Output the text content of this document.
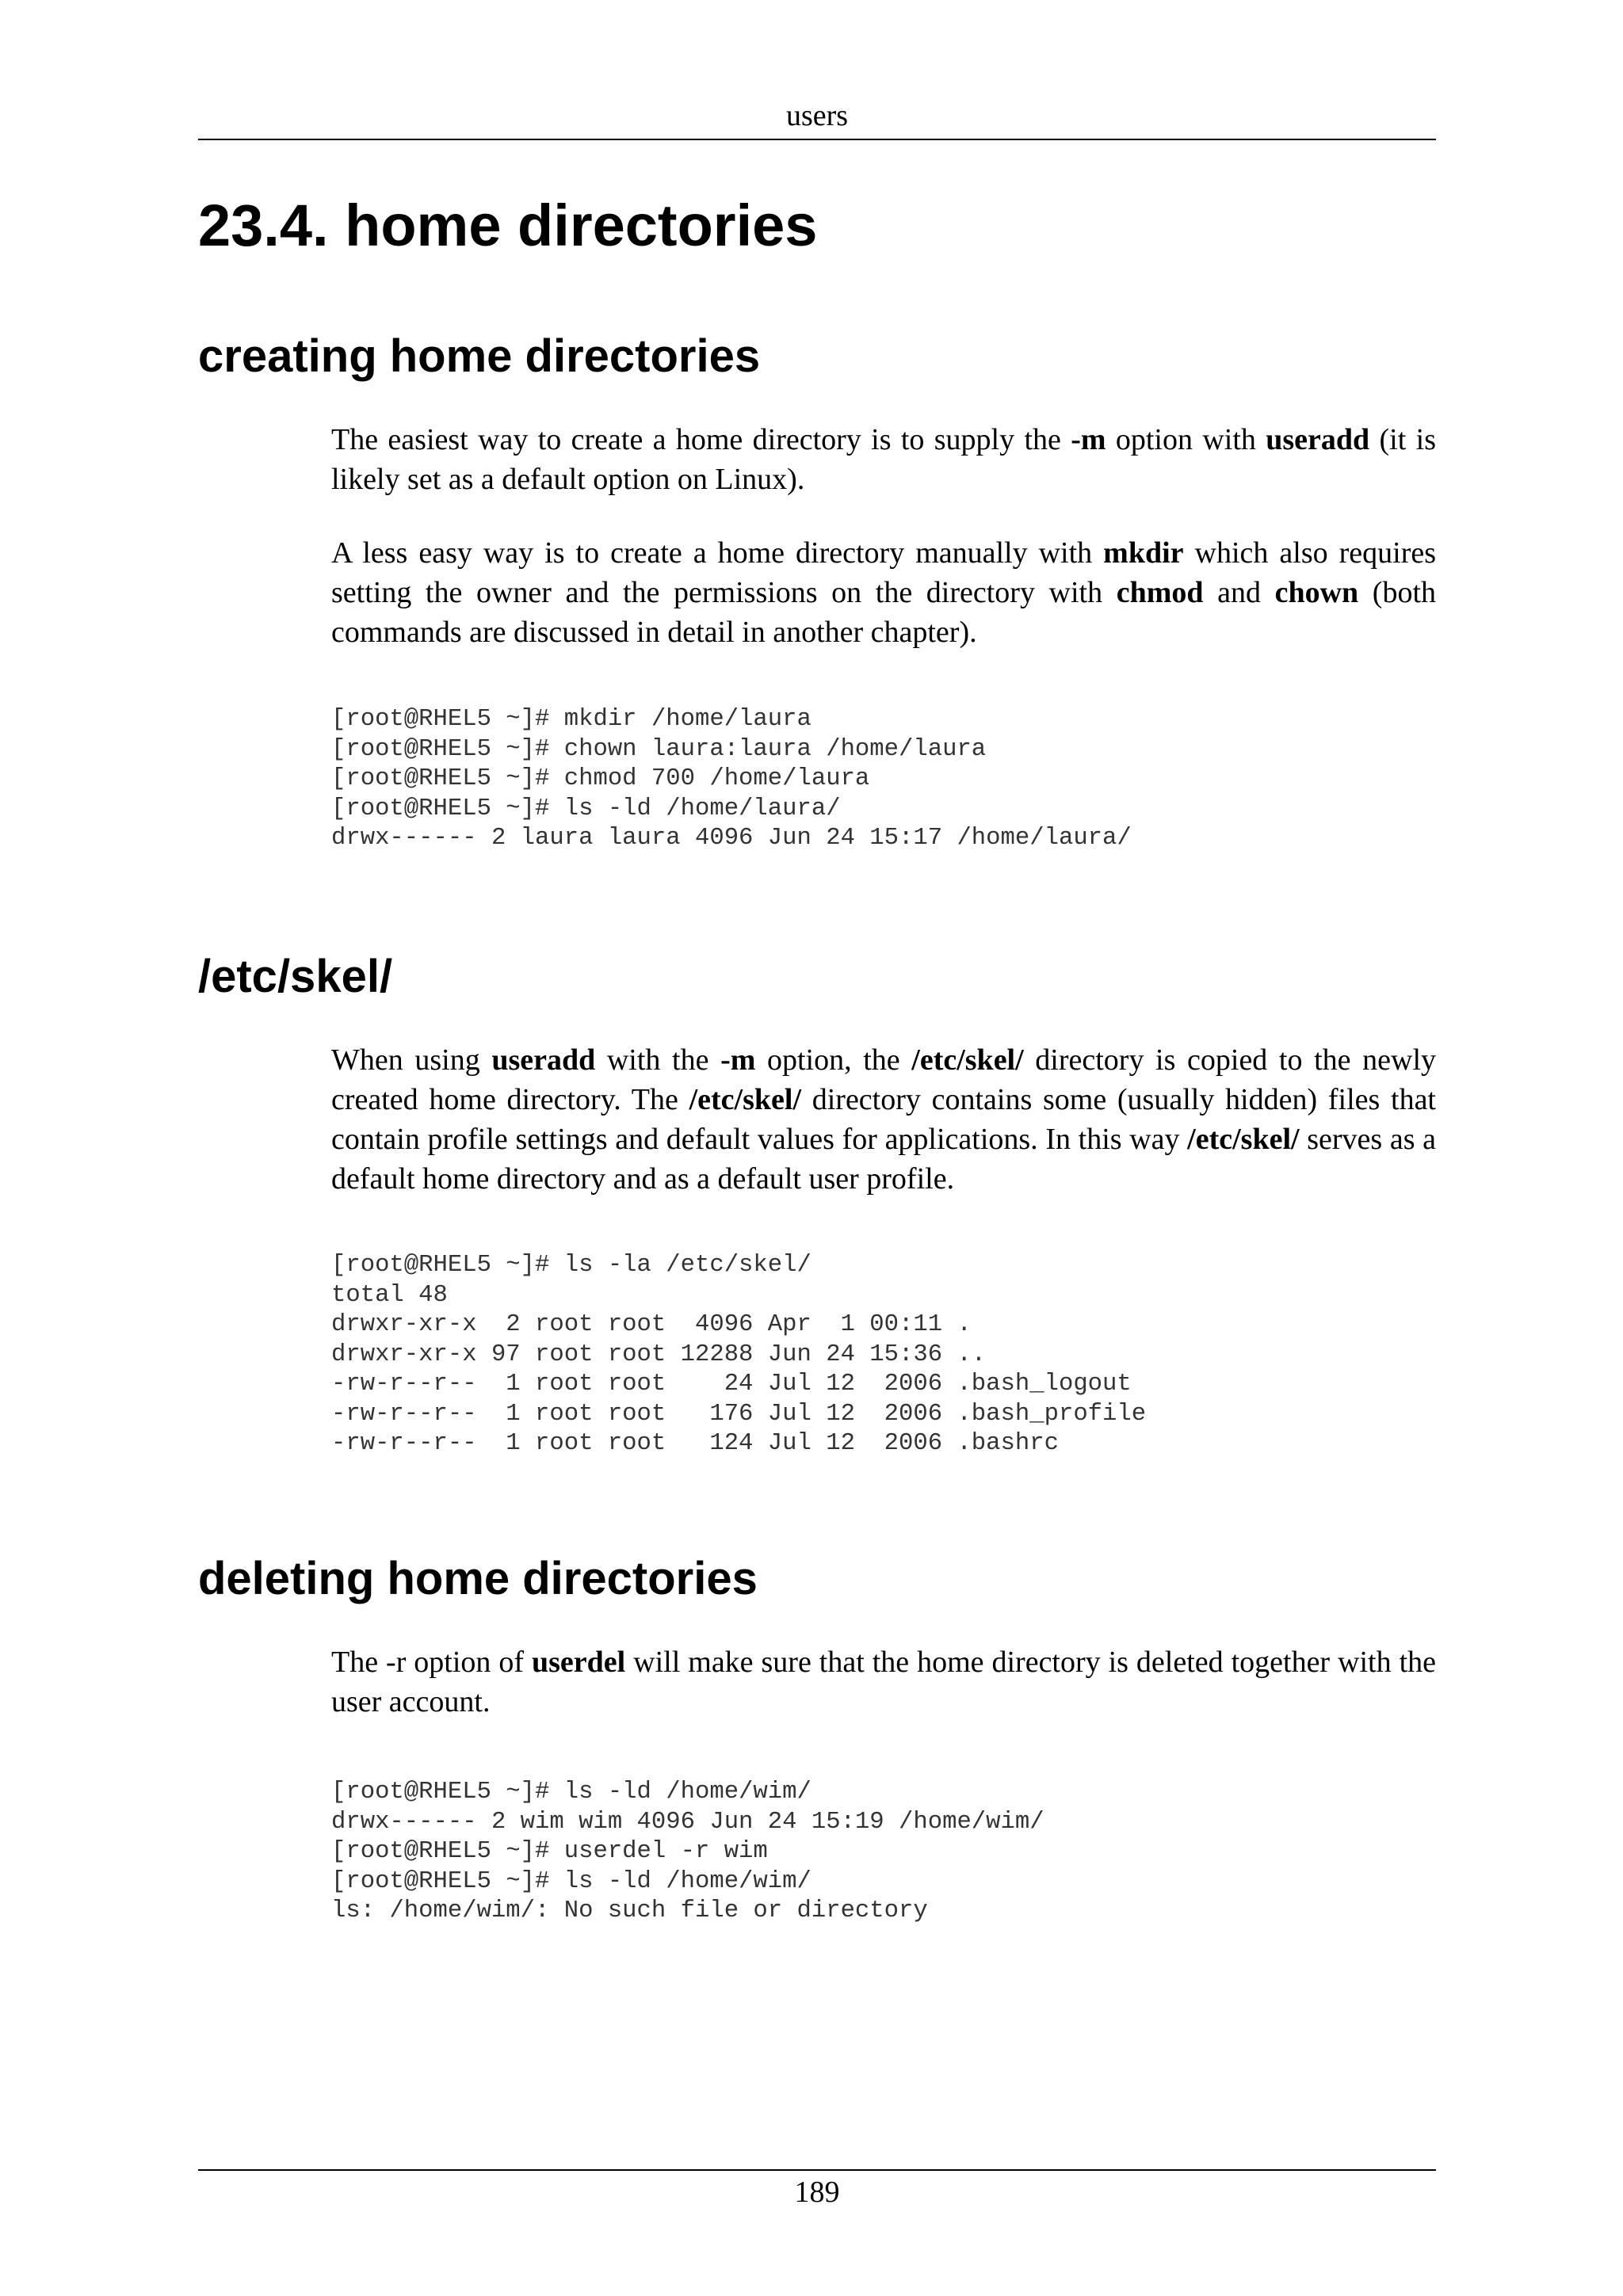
users
23.4. home directories
creating home directories

The easiest way to create a home directory is to supply the -m option with useradd (it is likely set as a default option on Linux).

A less easy way is to create a home directory manually with mkdir which also requires setting the owner and the permissions on the directory with chmod and chown (both commands are discussed in detail in another chapter).

[root@RHEL5 ~]# mkdir /home/laura
[root@RHEL5 ~]# chown laura:laura /home/laura
[root@RHEL5 ~]# chmod 700 /home/laura
[root@RHEL5 ~]# ls -ld /home/laura/
drwx------ 2 laura laura 4096 Jun 24 15:17 /home/laura/
/etc/skel/

When using useradd with the -m option, the /etc/skel/ directory is copied to the newly created home directory. The /etc/skel/ directory contains some (usually hidden) files that contain profile settings and default values for applications. In this way /etc/skel/ serves as a default home directory and as a default user profile.

[root@RHEL5 ~]# ls -la /etc/skel/
total 48
drwxr-xr-x  2 root root  4096 Apr  1 00:11 .
drwxr-xr-x 97 root root 12288 Jun 24 15:36 ..
-rw-r--r--  1 root root    24 Jul 12  2006 .bash_logout
-rw-r--r--  1 root root   176 Jul 12  2006 .bash_profile
-rw-r--r--  1 root root   124 Jul 12  2006 .bashrc
deleting home directories

The -r option of userdel will make sure that the home directory is deleted together with the user account.

[root@RHEL5 ~]# ls -ld /home/wim/
drwx------ 2 wim wim 4096 Jun 24 15:19 /home/wim/
[root@RHEL5 ~]# userdel -r wim
[root@RHEL5 ~]# ls -ld /home/wim/
ls: /home/wim/: No such file or directory
189
